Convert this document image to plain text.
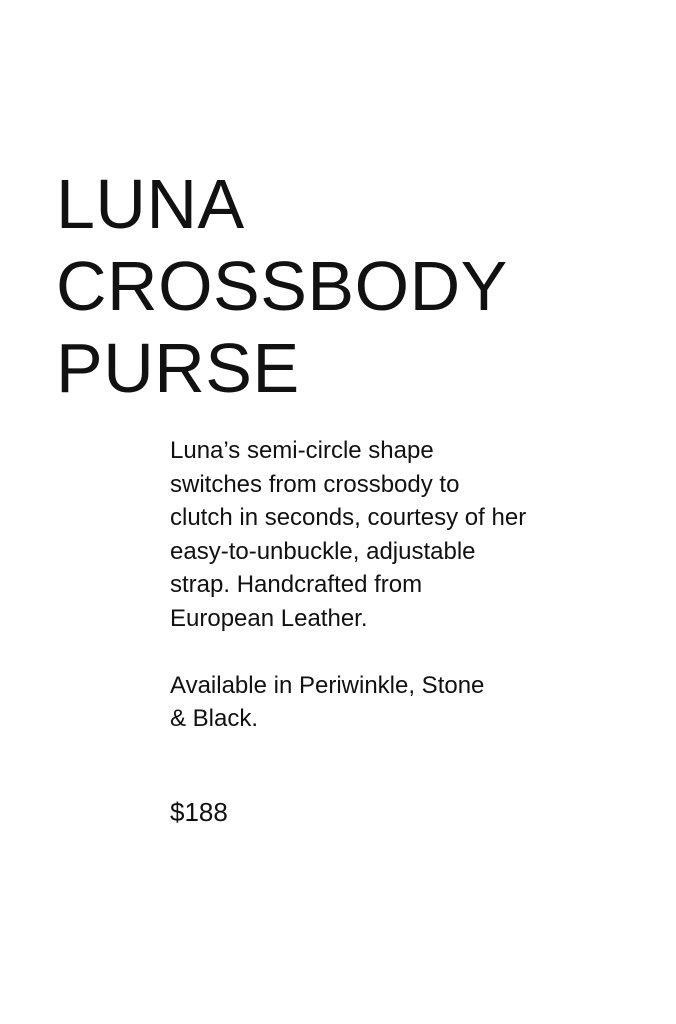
LUNA
CROSSBODY
PURSE

Luna’s semi-circle shape
switches from crossbody to
clutch in seconds, courtesy of her
easy-to-unbuckle, adjustable
strap. Handcrafted from
European Leather.

Available in Periwinkle, Stone
& Black.

$188
